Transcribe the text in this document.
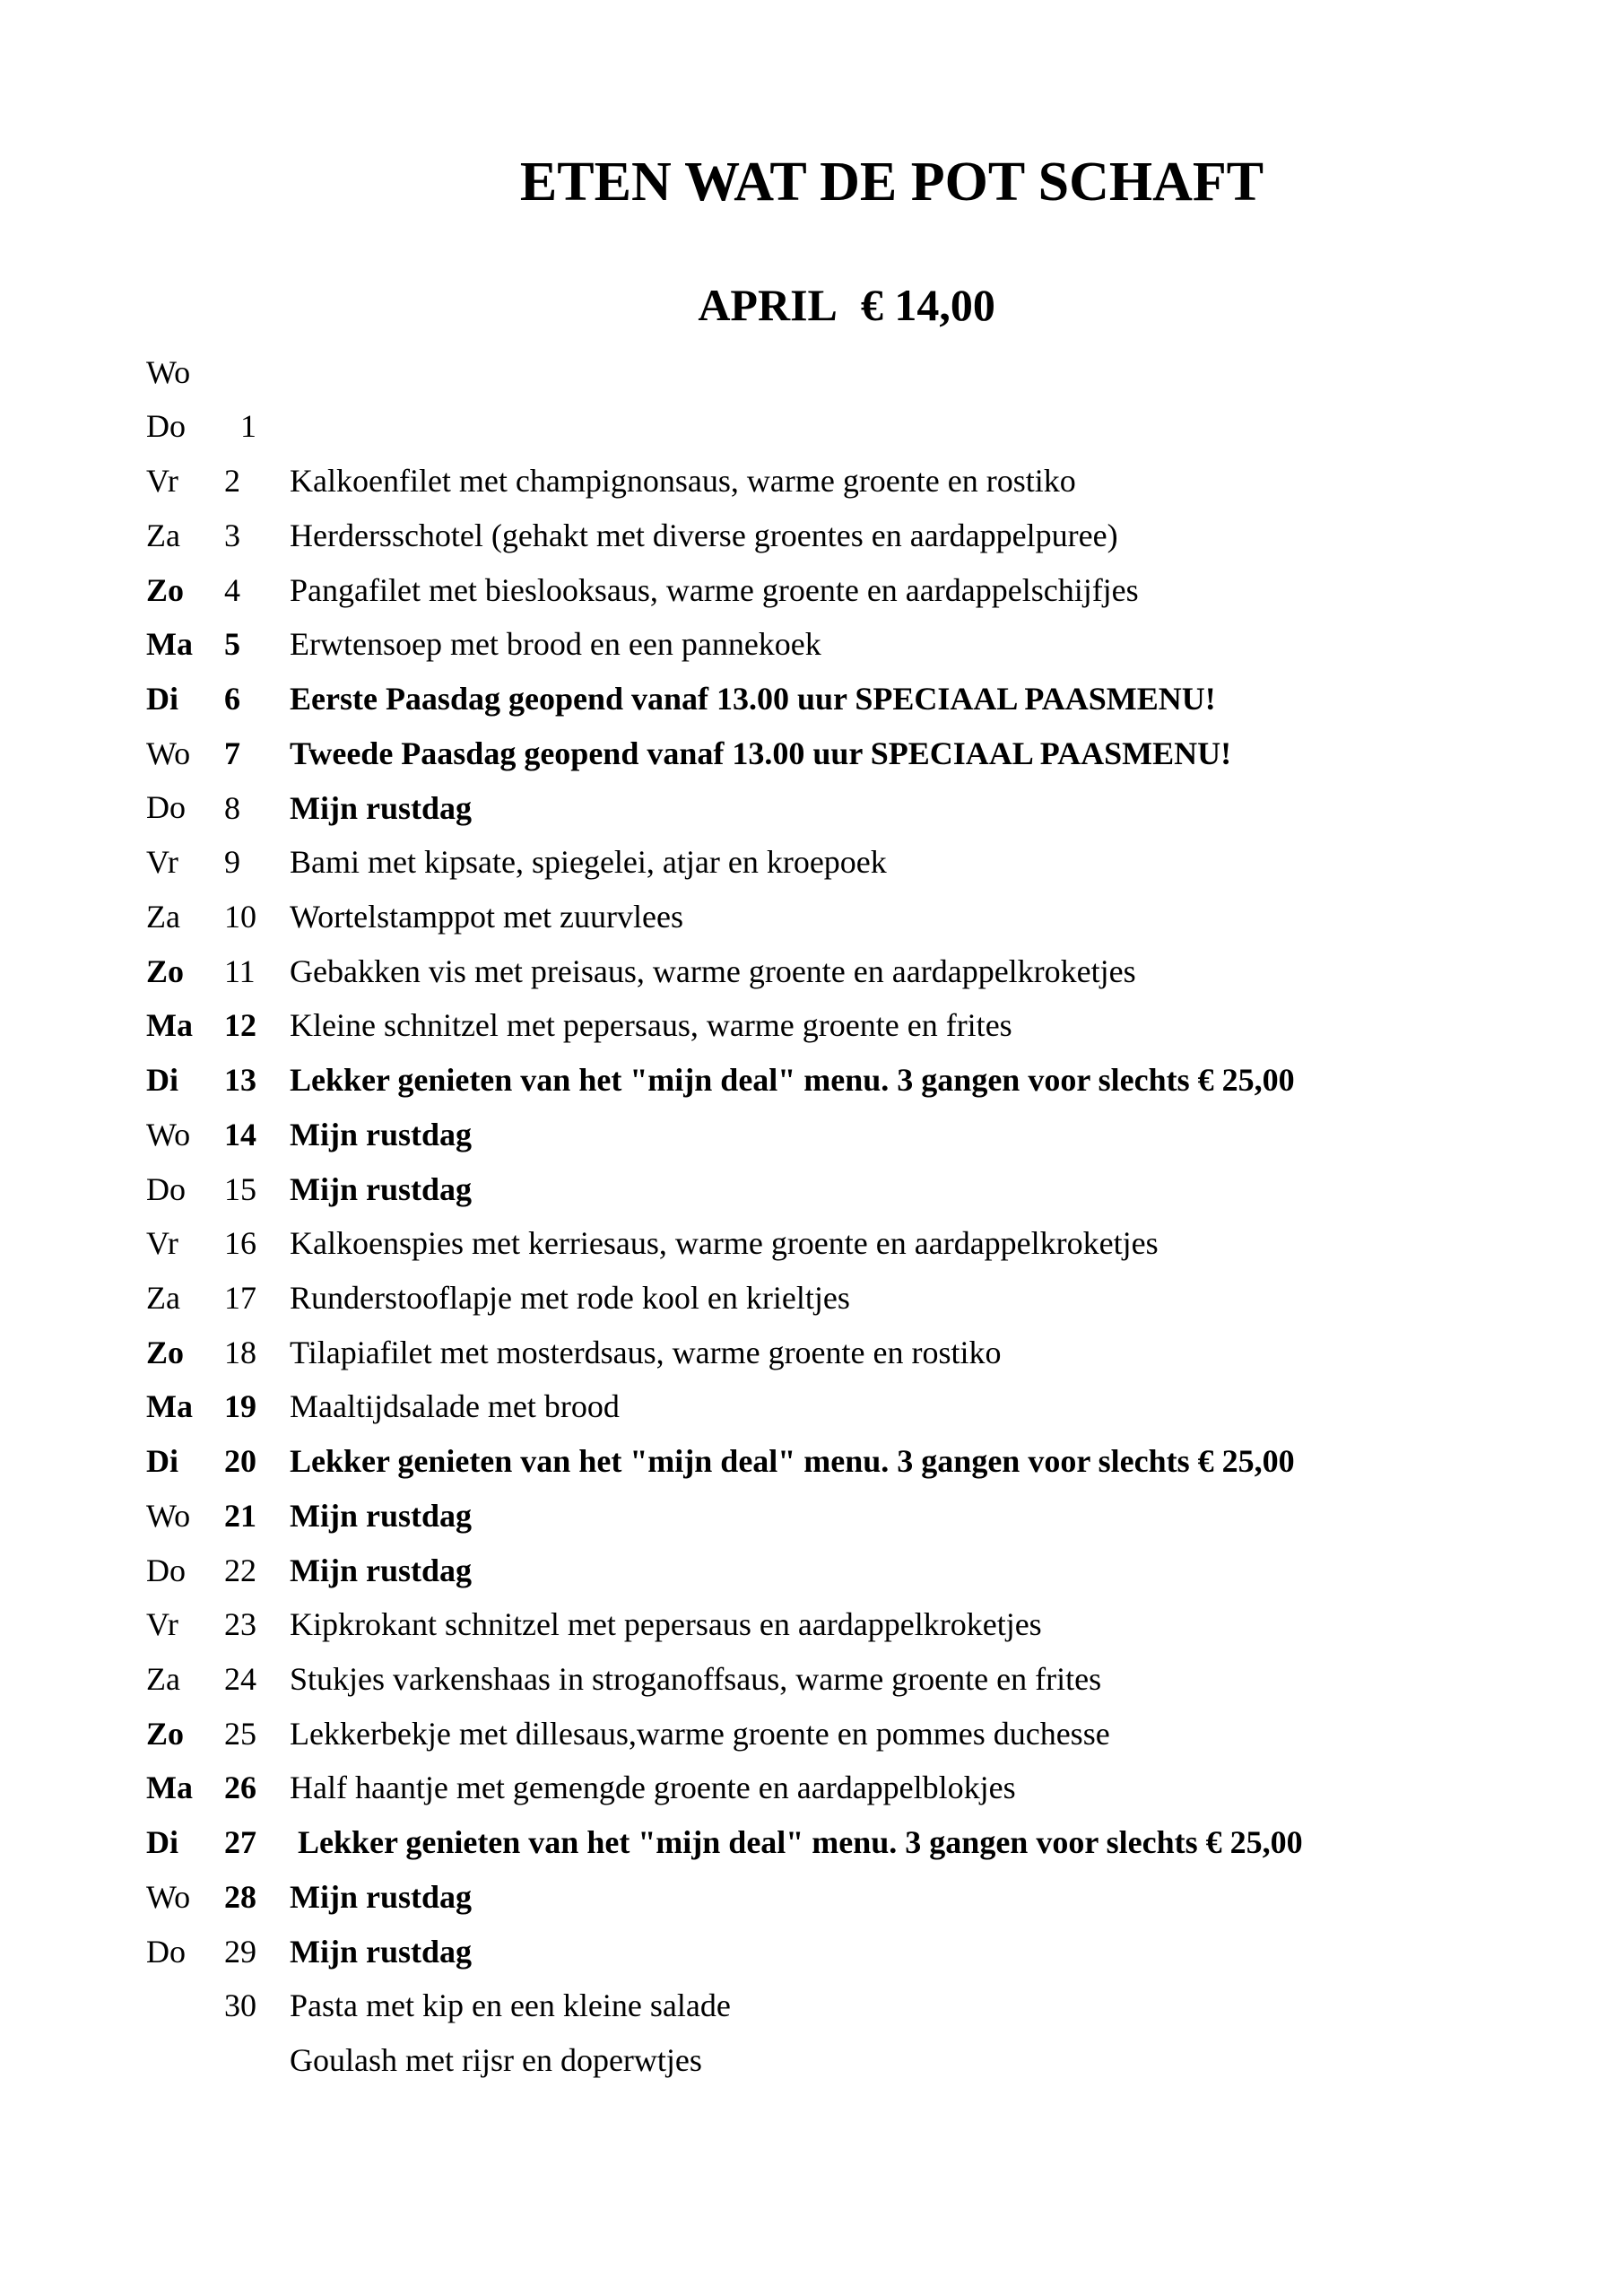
ETEN WAT DE POT SCHAFT

APRIL € 14,00

Wo

1

Kalkoenfilet met champignonsaus, warme groente en rostiko

Do

2

Herdersschotel (gehakt met diverse groentes en aardappelpuree)

Vr

3

Pangafilet met bieslooksaus, warme groente en aardappelschijfjes

Za

4

Erwtensoep met brood en een pannekoek

Zo

5

Eerste Paasdag geopend vanaf 13.00 uur SPECIAAL PAASMENU!

Ma

6

Tweede Paasdag geopend vanaf 13.00 uur SPECIAAL PAASMENU!

Di

7

Mijn rustdag

Wo

8

Bami met kipsate, spiegelei, atjar en kroepoek

Do

9

Wortelstamppot met zuurvlees

Vr

10

Gebakken vis met preisaus, warme groente en aardappelkroketjes

Za

11

Kleine schnitzel met pepersaus, warme groente en frites

Zo

12

Lekker genieten van het "mijn deal" menu. 3 gangen voor slechts € 25,00

Ma

13

Mijn rustdag

Di

14

Mijn rustdag

Wo

15

Kalkoenspies met kerriesaus, warme groente en aardappelkroketjes

Do

16

Runderstooflapje met rode kool en krieltjes

Vr

17

Tilapiafilet met mosterdsaus, warme groente en rostiko

Za

18

Maaltijdsalade met brood

Zo

19

Lekker genieten van het "mijn deal" menu. 3 gangen voor slechts € 25,00

Ma

20

Mijn rustdag

Di

21

Mijn rustdag

Wo

22

Kipkrokant schnitzel met pepersaus en aardappelkroketjes

Do

23

Stukjes varkenshaas in stroganoffsaus, warme groente en frites

Vr

24

Lekkerbekje met dillesaus,warme groente en pommes duchesse

Za

25

Half haantje met gemengde groente en aardappelblokjes

Zo

26

Lekker genieten van het "mijn deal" menu. 3 gangen voor slechts € 25,00

Ma

27

Mijn rustdag

Di

28

Mijn rustdag

Wo

29

Pasta met kip en een kleine salade

Do

30

Goulash met rijsr en doperwtjes
